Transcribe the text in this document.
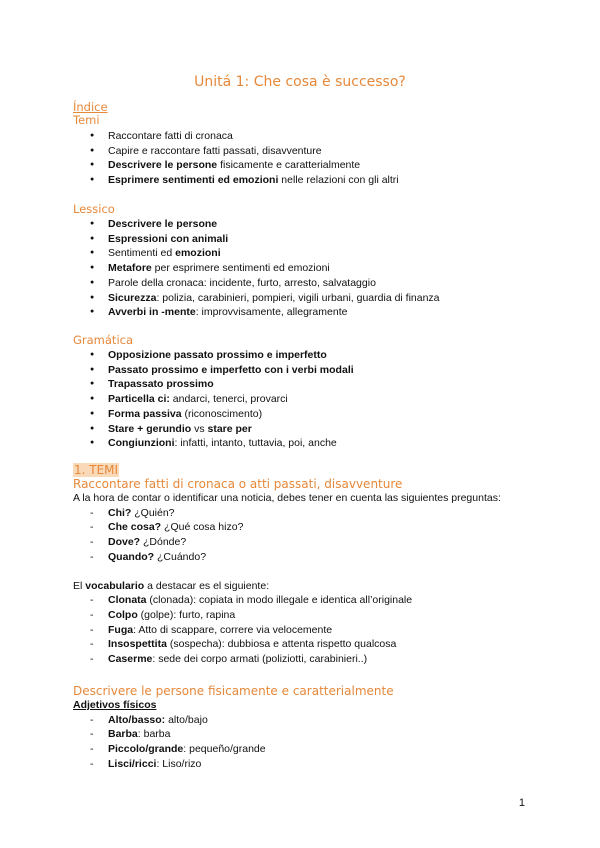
Unitá 1: Che cosa è successo?
Índice
Temi
● Raccontare fatti di cronaca
● Capire e raccontare fatti passati, disavventure
● Descrivere le persone fisicamente e caratterialmente
● Esprimere sentimenti ed emozioni nelle relazioni con gli altri
Lessico
● Descrivere le persone
● Espressioni con animali
● Sentimenti ed emozioni
● Metafore per esprimere sentimenti ed emozioni
● Parole della cronaca: incidente, furto, arresto, salvataggio
● Sicurezza: polizia, carabinieri, pompieri, vigili urbani, guardia di finanza
● Avverbi in -mente: improvvisamente, allegramente
Gramática
● Opposizione passato prossimo e imperfetto
● Passato prossimo e imperfetto con i verbi modali
● Trapassato prossimo
● Particella ci: andarci, tenerci, provarci
● Forma passiva (riconoscimento)
● Stare + gerundio vs stare per
● Congiunzioni: infatti, intanto, tuttavia, poi, anche
1. TEMI
Raccontare fatti di cronaca o atti passati, disavventure

A la hora de contar o identificar una noticia, debes tener en cuenta las siguientes preguntas:

- Chi? ¿Quién?
- Che cosa? ¿Qué cosa hizo?
- Dove? ¿Dónde?
- Quando? ¿Cuándo?

El vocabulario a destacar es el siguiente:

- Clonata (clonada): copiata in modo illegale e identica all’originale
- Colpo (golpe): furto, rapina
- Fuga: Atto di scappare, correre via velocemente
- Insospettita (sospecha): dubbiosa e attenta rispetto qualcosa
- Caserme: sede dei corpo armati (poliziotti, carabinieri..)
Descrivere le persone fisicamente e caratterialmente

Adjetivos físicos

- Alto/basso: alto/bajo
- Barba: barba
- Piccolo/grande: pequeño/grande
- Lisci/ricci: Liso/rizo
1
